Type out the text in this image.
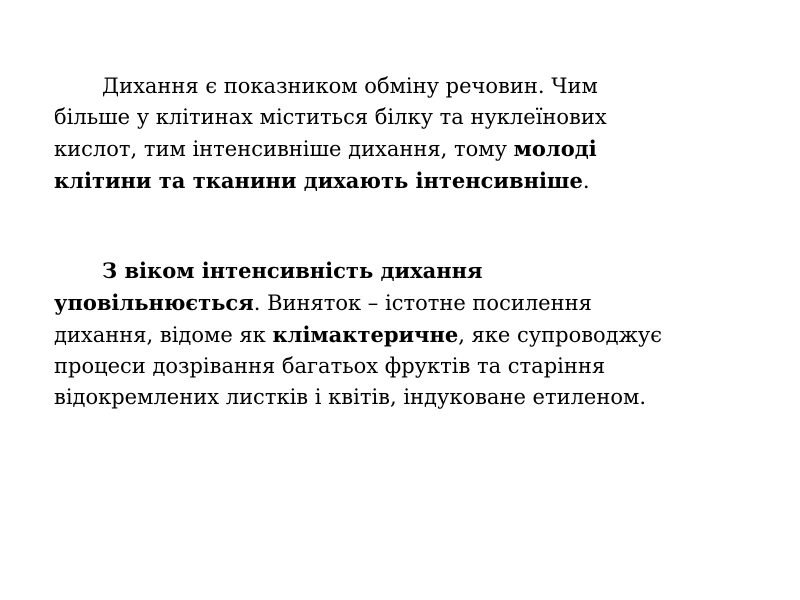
Дихання є показником обміну речовин. Чим
більше у клітинах міститься білку та нуклеїнових
кислот, тим інтенсивніше дихання, тому молоді
клітини та тканини дихають інтенсивніше.
З віком інтенсивність дихання
уповільнюється. Виняток – істотне посилення
дихання, відоме як клімактеричне, яке супроводжує
процеси дозрівання багатьох фруктів та старіння
відокремлених листків і квітів, індуковане етиленом.
